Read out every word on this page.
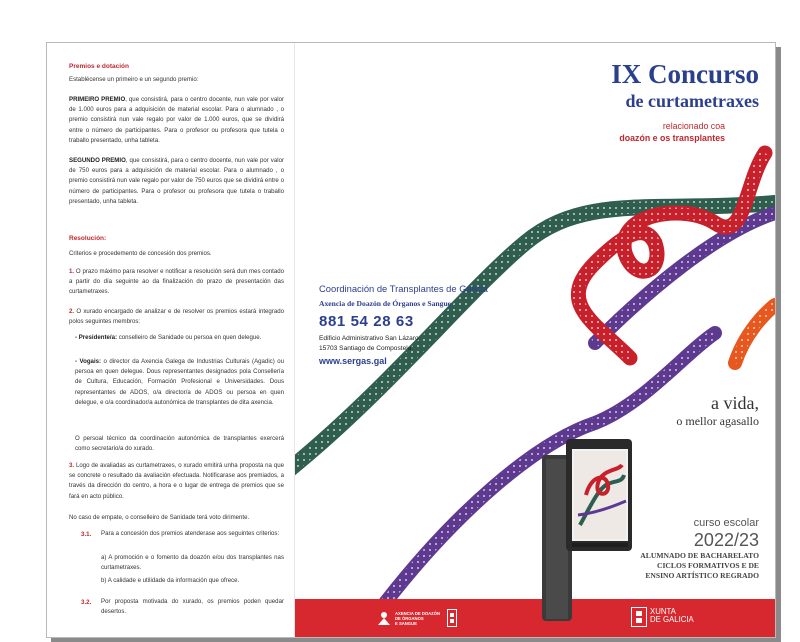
Premios e dotación
Establécense un primeiro e un segundo premio:
PRIMEIRO PREMIO, que consistirá, para o centro docente, nun vale por valor de 1.000 euros para a adquisición de material escolar. Para o alumnado , o premio consistirá nun vale regalo por valor de 1.000 euros, que se dividirá entre o número de participantes. Para o profesor ou profesora que tutela o traballo presentado, unha tableta.
SEGUNDO PREMIO, que consistirá, para o centro docente, nun vale por valor de 750 euros para a adquisición de material escolar. Para o alumnado , o premio consistirá nun vale regalo por valor de 750 euros que se dividirá entre o número de participantes. Para o profesor ou profesora que tutela o traballo presentado, unha tableta.
Resolución:
Criterios e procedemento de concesión dos premios.
1. O prazo máximo para resolver e notificar a resolución será dun mes contado a partir do día seguinte ao da finalización do prazo de presentación das curtametraxes.
2. O xurado encargado de analizar e de resolver os premios estará integrado polos seguintes membros:
- Presidente/a: conselleiro de Sanidade ou persoa en quen delegue.
- Vogais: o director da Axencia Galega de Industrias Culturais (Agadic) ou persoa en quen delegue. Dous representantes designados pola Consellería de Cultura, Educación, Formación Profesional e Universidades. Dous representantes de ADOS, o/a director/a de ADOS ou persoa en quen delegue, e o/a coordinador/a autonómica de transplantes de dita axencia.
O persoal técnico da coordinación autonómica de transplantes exercerá como secretario/a do xurado.
3. Logo de avaliadas as curtametraxes, o xurado emitirá unha proposta na que se concrete o resultado da avaliación efectuada. Notificarase aos premiados, a través da dirección do centro, a hora e o lugar de entrega de premios que se fará en acto público.
No caso de empate, o conselleiro de Sanidade terá voto dirimente.
3.1. Para a concesión dos premios atenderase aos seguintes criterios:
a) A promoción e o fomento da doazón e/ou dos transplantes nas curtametraxes.
b) A calidade e utilidade da información que ofrece.
3.2. Por proposta motivada do xurado, os premios poden quedar desertos.
Coordinación de Transplantes de Galicia
Axencia de Doazón de Órganos e Sangue
881 54 28 63
Edificio Administrativo San Lázaro
15703 Santiago de Compostela
www.sergas.gal
IX Concurso
de curtametraxes
relacionado coa
doazón e os transplantes
a vida,
o mellor agasallo
curso escolar
2022/23
ALUMNADO DE BACHARELATO
CICLOS FORMATIVOS E DE
ENSINO ARTÍSTICO REGRADO
AXENCIA DE DOAZÓN
DE ÓRGANOS
E SANGUE
XUNTA
DE GALICIA
